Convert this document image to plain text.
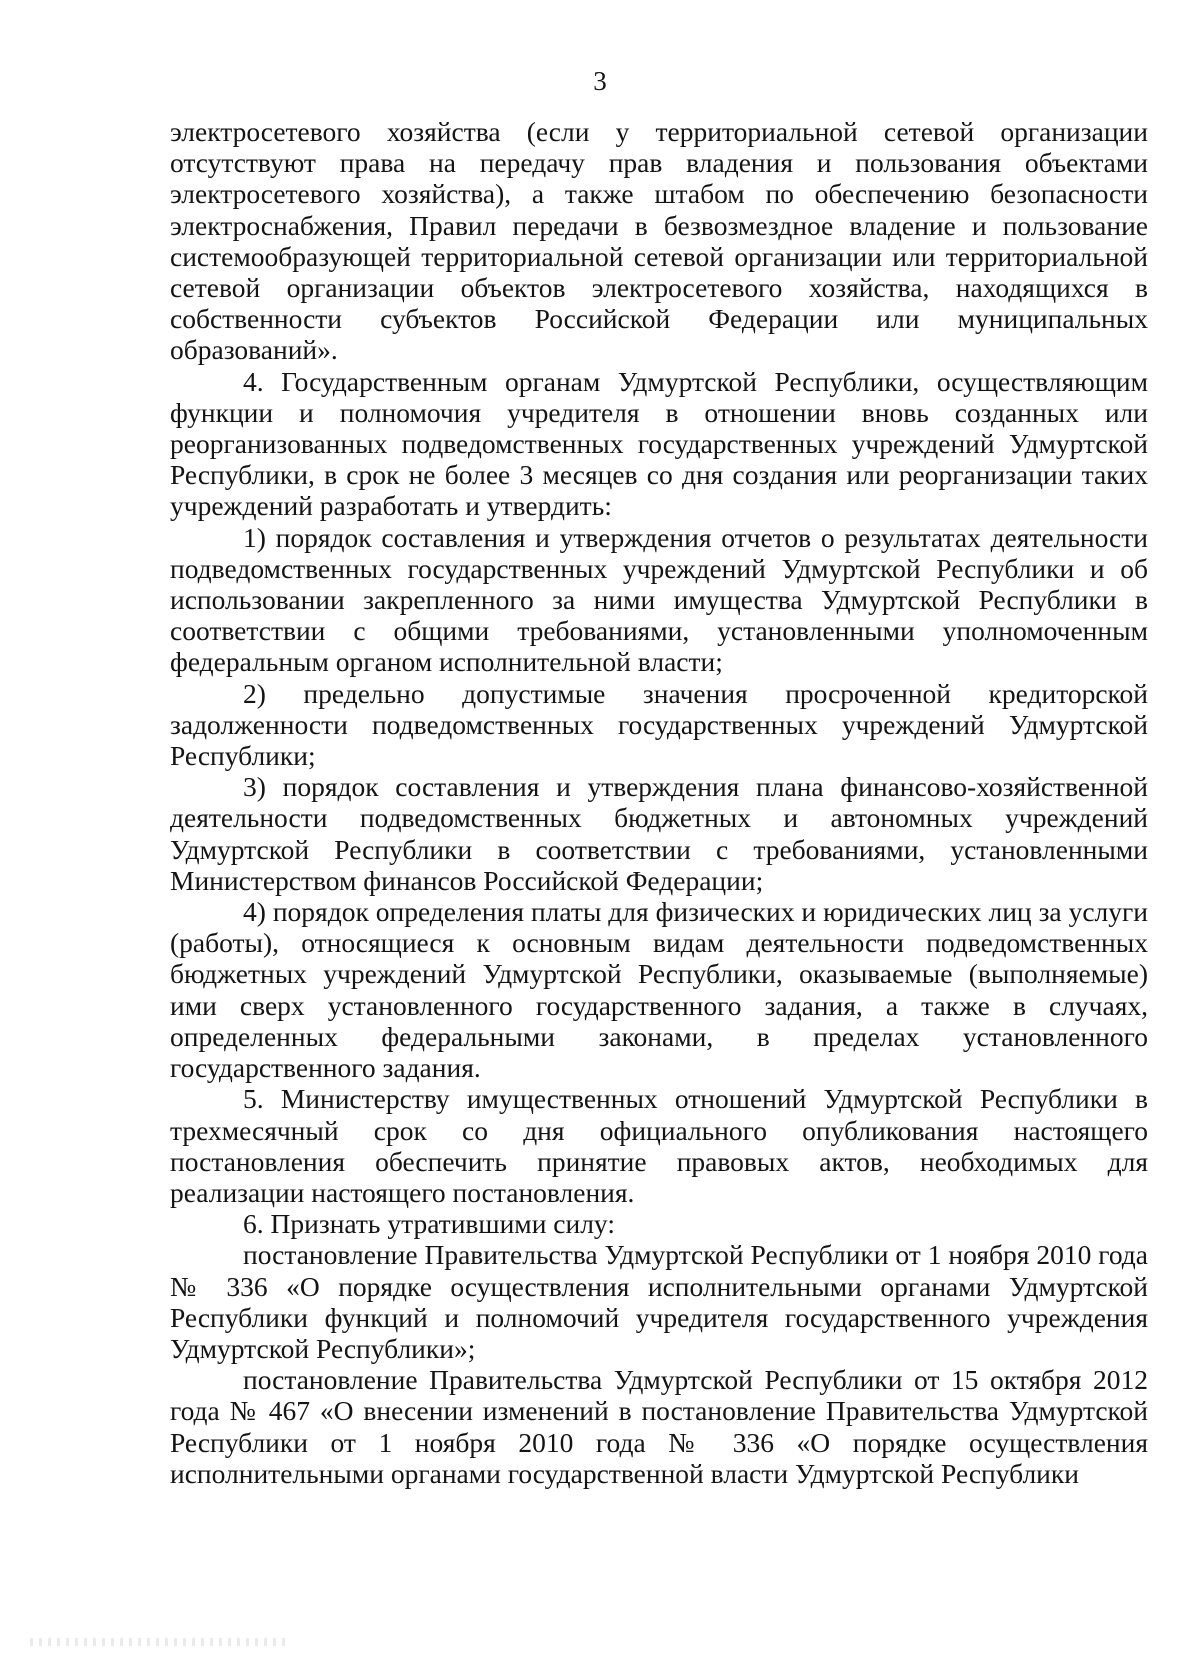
3

электросетевого хозяйства (если у территориальной сетевой организации отсутствуют права на передачу прав владения и пользования объектами электросетевого хозяйства), а также штабом по обеспечению безопасности электроснабжения, Правил передачи в безвозмездное владение и пользование системообразующей территориальной сетевой организации или территориальной сетевой организации объектов электросетевого хозяйства, находящихся в собственности субъектов Российской Федерации или муниципальных образований».

4. Государственным органам Удмуртской Республики, осуществляющим функции и полномочия учредителя в отношении вновь созданных или реорганизованных подведомственных государственных учреждений Удмуртской Республики, в срок не более 3 месяцев со дня создания или реорганизации таких учреждений разработать и утвердить:

1) порядок составления и утверждения отчетов о результатах деятельности подведомственных государственных учреждений Удмуртской Республики и об использовании закрепленного за ними имущества Удмуртской Республики в соответствии с общими требованиями, установленными уполномоченным федеральным органом исполнительной власти;

2) предельно допустимые значения просроченной кредиторской задолженности подведомственных государственных учреждений Удмуртской Республики;

3) порядок составления и утверждения плана финансово-хозяйственной деятельности подведомственных бюджетных и автономных учреждений Удмуртской Республики в соответствии с требованиями, установленными Министерством финансов Российской Федерации;

4) порядок определения платы для физических и юридических лиц за услуги (работы), относящиеся к основным видам деятельности подведомственных бюджетных учреждений Удмуртской Республики, оказываемые (выполняемые) ими сверх установленного государственного задания, а также в случаях, определенных федеральными законами, в пределах установленного государственного задания.

5. Министерству имущественных отношений Удмуртской Республики в трехмесячный срок со дня официального опубликования настоящего постановления обеспечить принятие правовых актов, необходимых для реализации настоящего постановления.

6. Признать утратившими силу:

постановление Правительства Удмуртской Республики от 1 ноября 2010 года № 336 «О порядке осуществления исполнительными органами Удмуртской Республики функций и полномочий учредителя государственного учреждения Удмуртской Республики»;

постановление Правительства Удмуртской Республики от 15 октября 2012 года № 467 «О внесении изменений в постановление Правительства Удмуртской Республики от 1 ноября 2010 года № 336 «О порядке осуществления исполнительными органами государственной власти Удмуртской Республики
